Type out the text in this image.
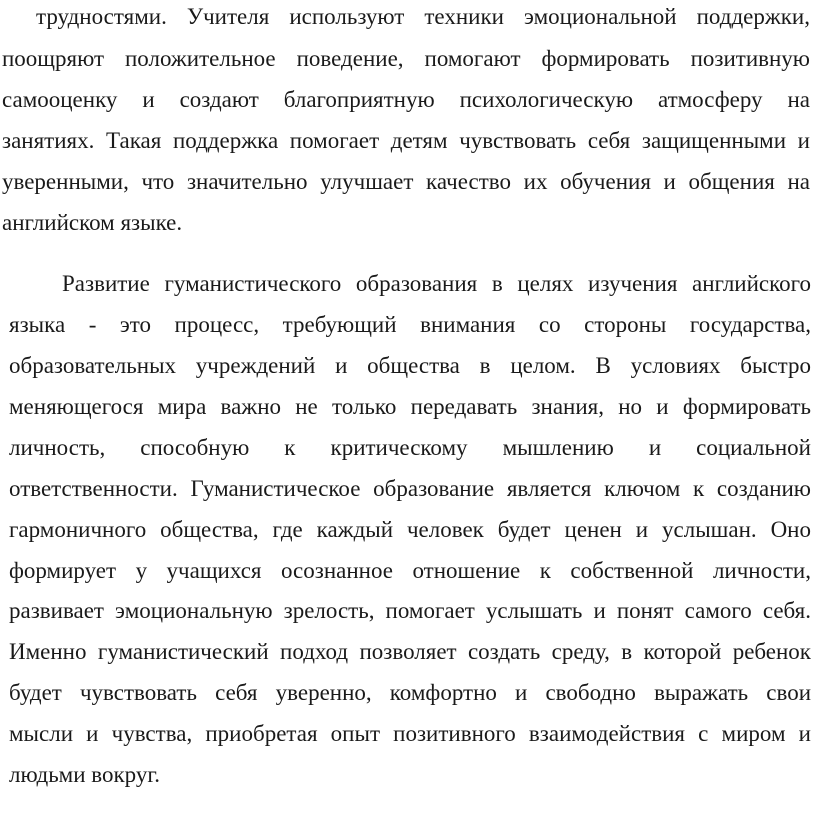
трудностями. Учителя используют техники эмоциональной поддержки,
поощряют положительное поведение, помогают формировать позитивную
самооценку и создают благоприятную психологическую атмосферу на
занятиях. Такая поддержка помогает детям чувствовать себя защищенными и
уверенными, что значительно улучшает качество их обучения и общения на
английском языке.
Развитие гуманистического образования в целях изучения английского
языка - это процесс, требующий внимания со стороны государства,
образовательных учреждений и общества в целом. В условиях быстро
меняющегося мира важно не только передавать знания, но и формировать
личность, способную к критическому мышлению и социальной
ответственности. Гуманистическое образование является ключом к созданию
гармоничного общества, где каждый человек будет ценен и услышан. Оно
формирует у учащихся осознанное отношение к собственной личности,
развивает эмоциональную зрелость, помогает услышать и понят самого себя.
Именно гуманистический подход позволяет создать среду, в которой ребенок
будет чувствовать себя уверенно, комфортно и свободно выражать свои
мысли и чувства, приобретая опыт позитивного взаимодействия с миром и
людьми вокруг.
